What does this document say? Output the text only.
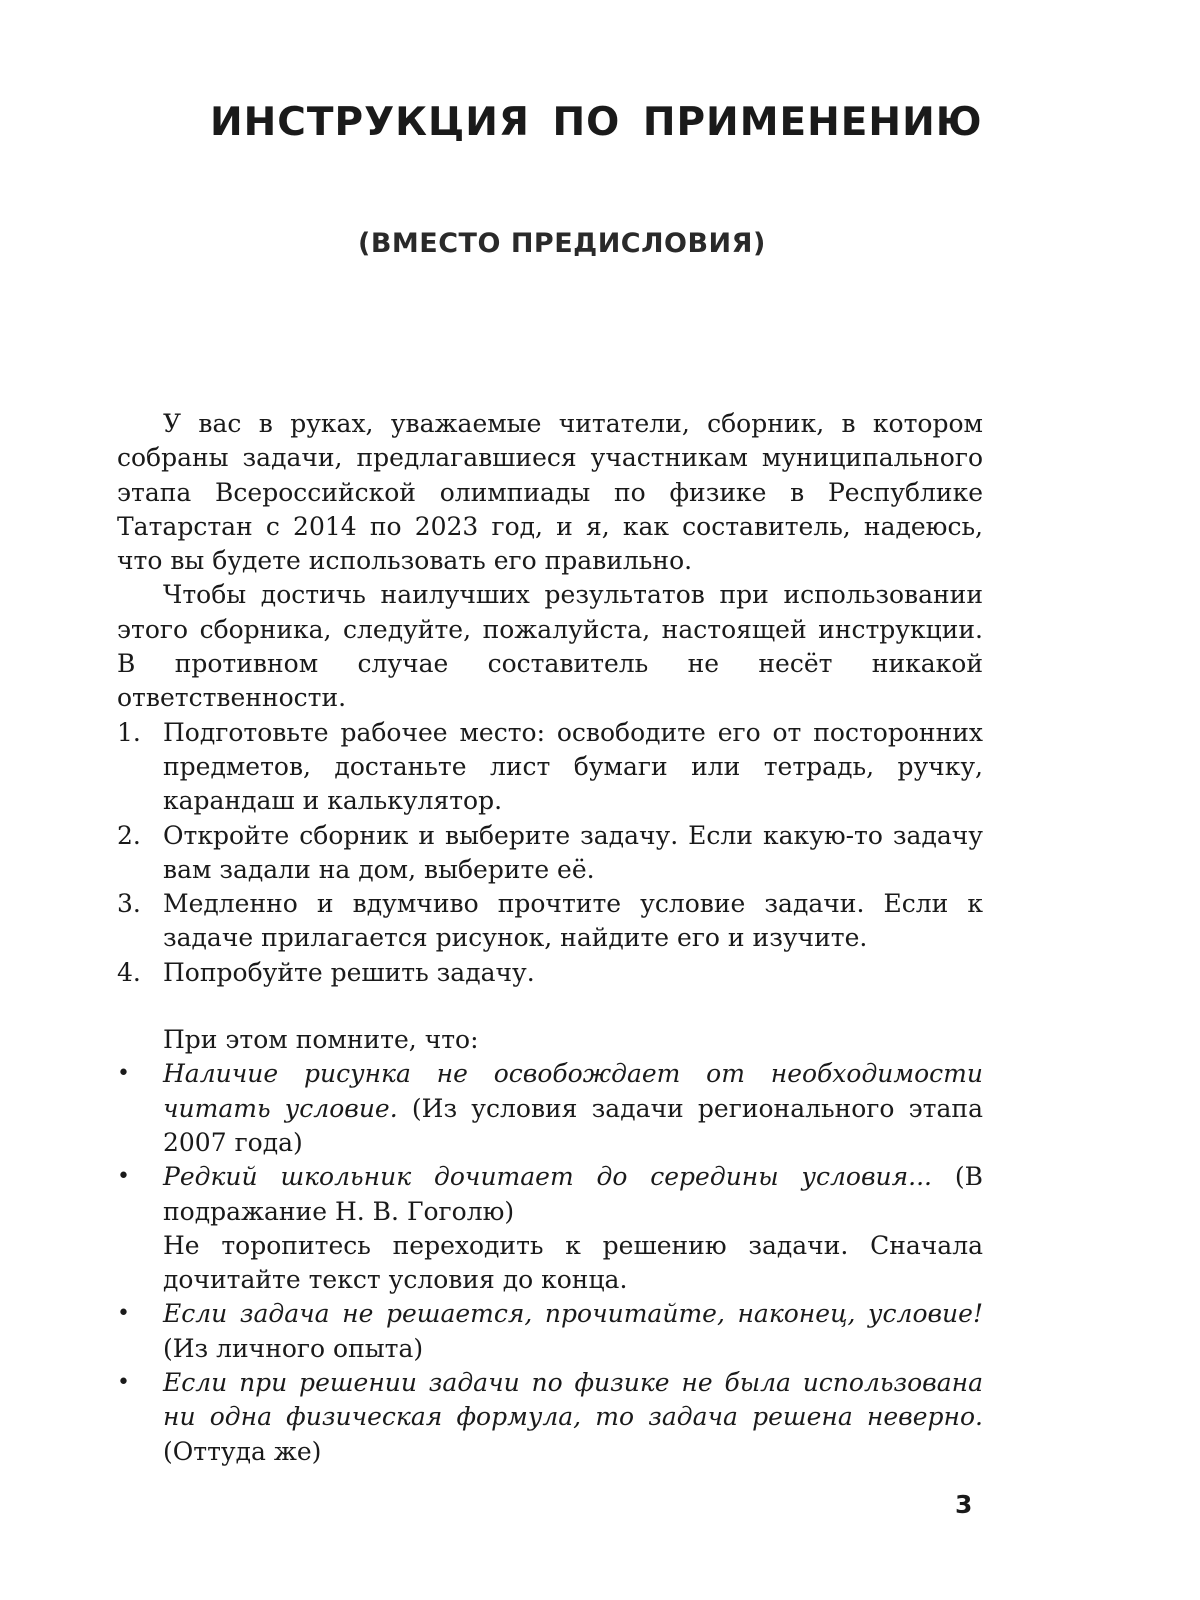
ИНСТРУКЦИЯ ПО ПРИМЕНЕНИЮ
(ВМЕСТО ПРЕДИСЛОВИЯ)

У вас в руках, уважаемые читатели, сборник, в котором собраны задачи, предлагавшиеся участникам муниципального этапа Всероссийской олимпиады по физике в Республике Татарстан с 2014 по 2023 год, и я, как составитель, надеюсь, что вы будете использовать его правильно.

Чтобы достичь наилучших результатов при использовании этого сборника, следуйте, пожалуйста, настоящей инструкции. В противном случае составитель не несёт никакой ответственности.

1. Подготовьте рабочее место: освободите его от посторонних предметов, достаньте лист бумаги или тетрадь, ручку, карандаш и калькулятор.
2. Откройте сборник и выберите задачу. Если какую-то задачу вам задали на дом, выберите её.
3. Медленно и вдумчиво прочтите условие задачи. Если к задаче прилагается рисунок, найдите его и изучите.
4. Попробуйте решить задачу.

При этом помните, что:

• Наличие рисунка не освобождает от необходимости читать условие. (Из условия задачи регионального этапа 2007 года)
• Редкий школьник дочитает до середины условия... (В подражание Н. В. Гоголю)
Не торопитесь переходить к решению задачи. Сначала дочитайте текст условия до конца.
• Если задача не решается, прочитайте, наконец, условие! (Из личного опыта)
• Если при решении задачи по физике не была использована ни одна физическая формула, то задача решена неверно. (Оттуда же)
3
